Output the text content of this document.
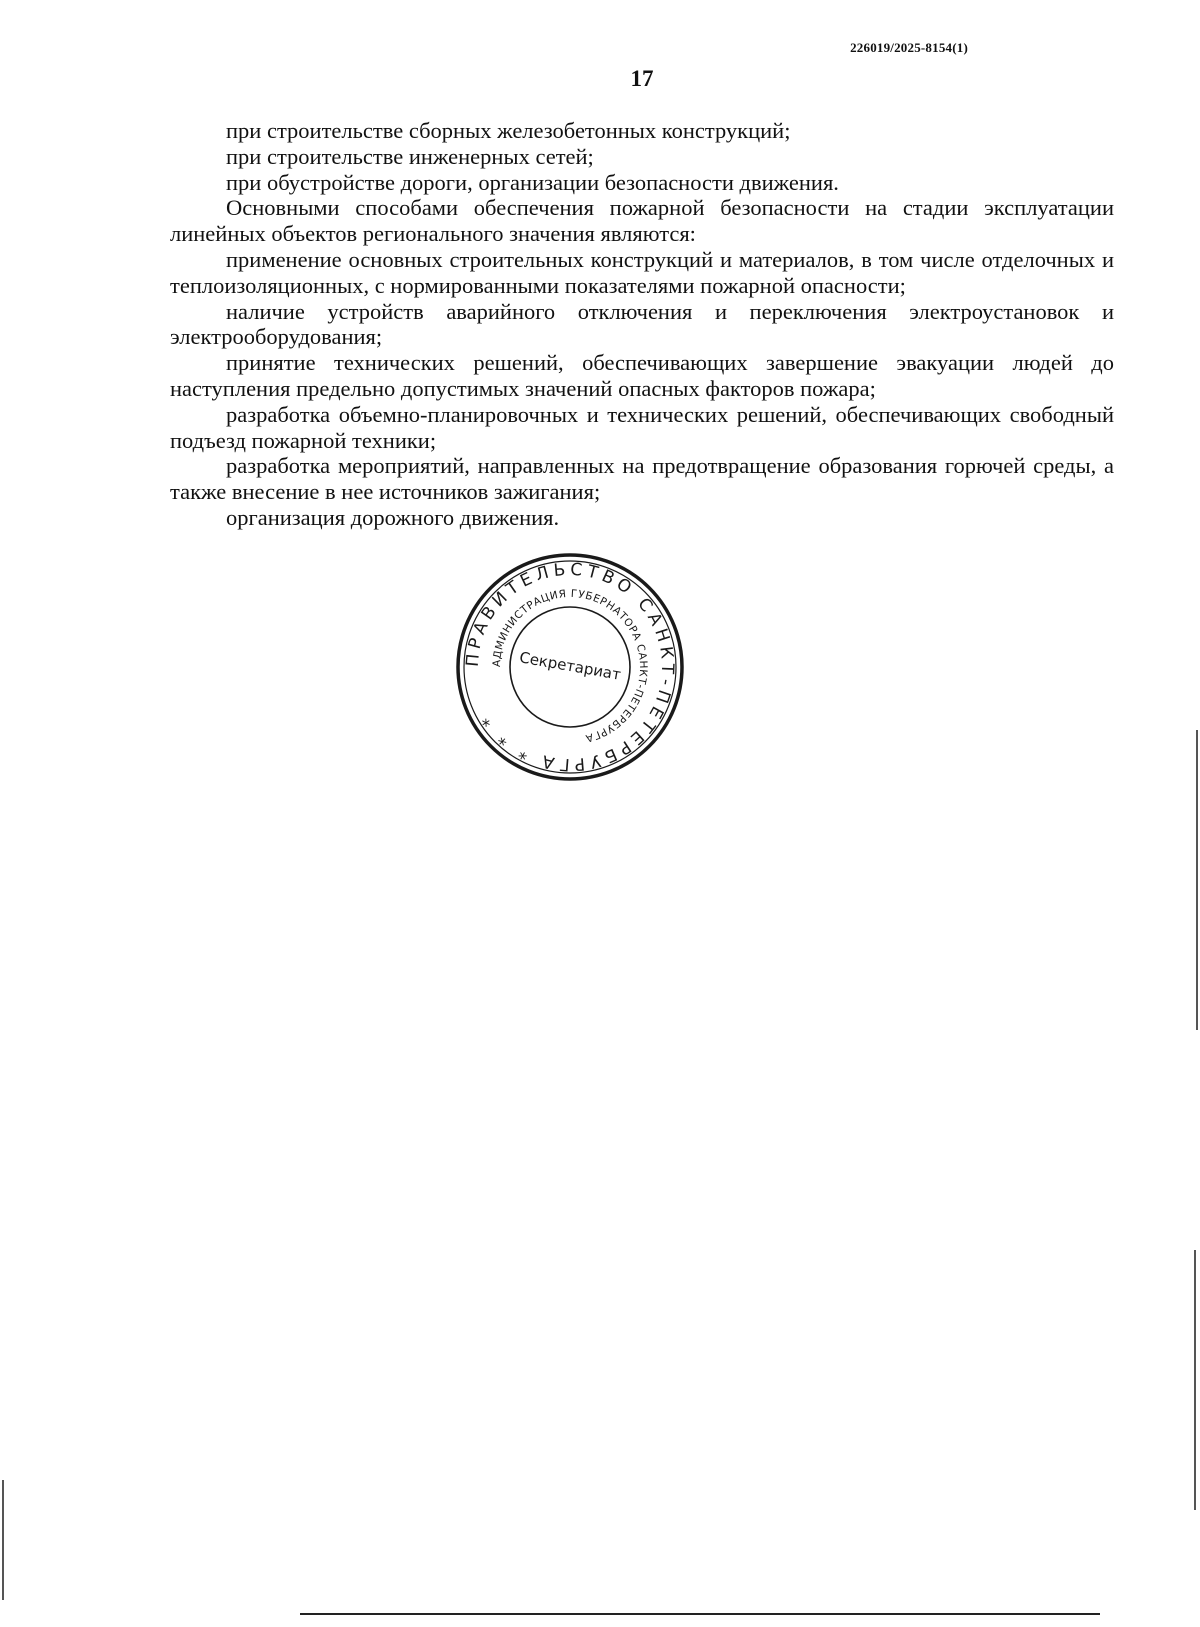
226019/2025-8154(1)
17

при строительстве сборных железобетонных конструкций;

при строительстве инженерных сетей;

при обустройстве дороги, организации безопасности движения.

Основными способами обеспечения пожарной безопасности на стадии эксплуатации линейных объектов регионального значения являются:

применение основных строительных конструкций и материалов, в том числе отделочных и теплоизоляционных, с нормированными показателями пожарной опасности;

наличие устройств аварийного отключения и переключения электроустановок и электрооборудования;

принятие технических решений, обеспечивающих завершение эвакуации людей до наступления предельно допустимых значений опасных факторов пожара;

разработка объемно-планировочных и технических решений, обеспечивающих свободный подъезд пожарной техники;

разработка мероприятий, направленных на предотвращение образования горючей среды, а также внесение в нее источников зажигания;

организация дорожного движения.

ПРАВИТЕЛЬСТВО САНКТ-ПЕТЕРБУРГА * * *
АДМИНИСТРАЦИЯ ГУБЕРНАТОРА САНКТ-ПЕТЕРБУРГА
Секретариат
